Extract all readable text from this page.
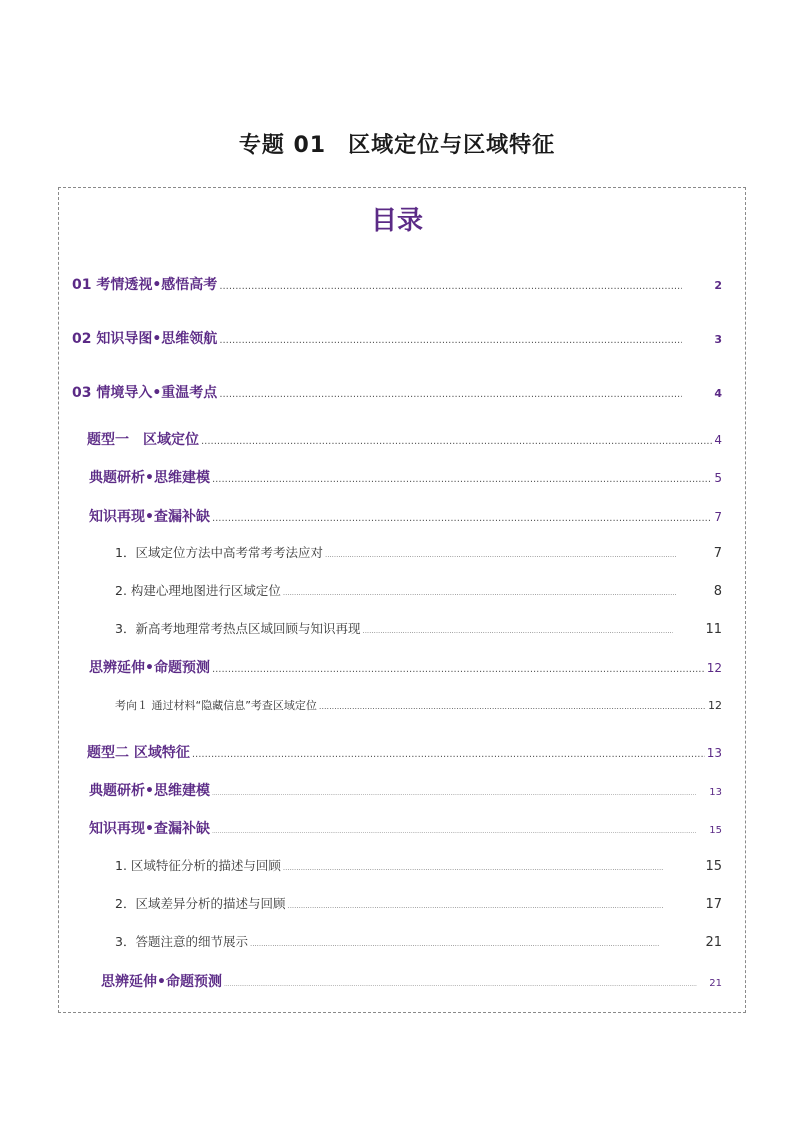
专题 01 区域定位与区域特征
目录
01 考情透视•感悟高考 .....	2
02 知识导图•思维领航 .....	3
03 情境导入•重温考点 .....	4
题型一　区域定位 .....	4
典题研析•思维建模 .....	5
知识再现•查漏补缺 .....	7
1．区域定位方法中高考常考考法应对 .....	7
2. 构建心理地图进行区域定位 .....	8
3．新高考地理常考热点区域回顾与知识再现 .....	11
思辨延伸•命题预测 .....	12
考向１ 通过材料“隐藏信息”考查区域定位 .....	12
题型二 区域特征 .....	13
典题研析•思维建模 .....	13
知识再现•查漏补缺 .....	15
1. 区域特征分析的描述与回顾 .....	15
2．区域差异分析的描述与回顾 .....	17
3．答题注意的细节展示 .....	21
思辨延伸•命题预测 .....	21
